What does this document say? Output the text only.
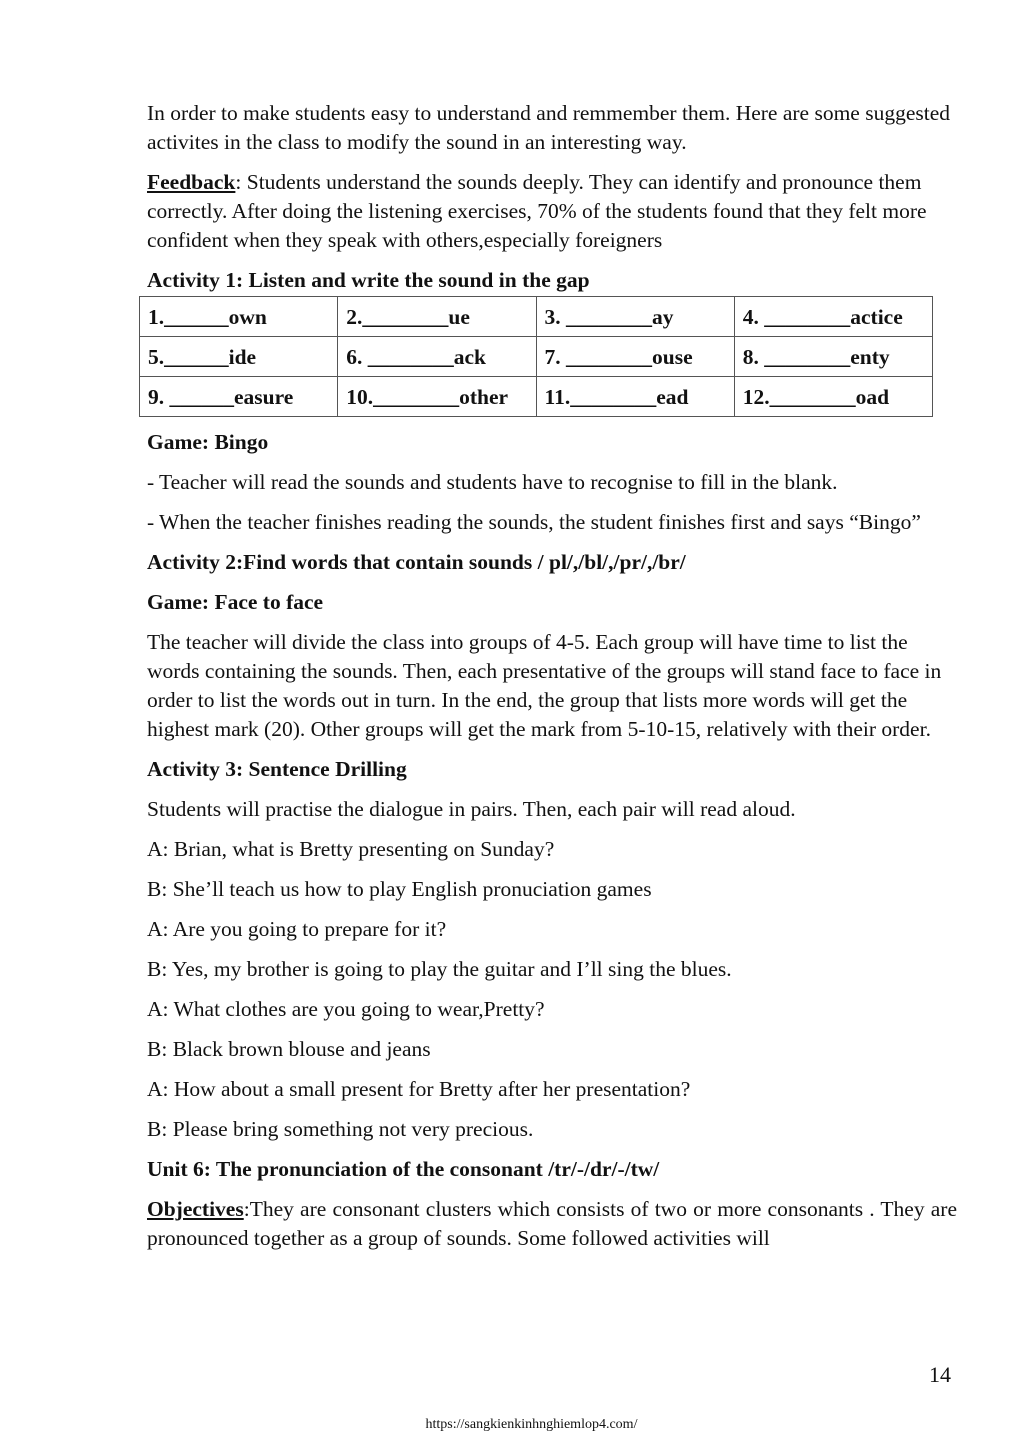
In order to make students easy to understand and remmember them. Here are some suggested activites in the class to modify the sound in an interesting way.

Feedback: Students understand the sounds deeply. They can identify and pronounce them correctly. After doing the listening exercises, 70% of the students found that they felt more confident when they speak with others,especially foreigners

Activity 1: Listen and write the sound in the gap

1.______own	2.________ue	3. ________ay	4. ________actice
5.______ide	6. ________ack	7. ________ouse	8. ________enty
9. ______easure	10.________other	11.________ead	12.________oad

Game: Bingo

- Teacher will read the sounds and students have to recognise to fill in the blank.

- When the teacher finishes reading the sounds, the student finishes first and says “Bingo”

Activity 2:Find words that contain sounds / pl/,/bl/,/pr/,/br/

Game: Face to face

The teacher will divide the class into groups of 4-5. Each group will have time to list the words containing the sounds. Then, each presentative of the groups will stand face to face in order to list the words out in turn. In the end, the group that lists more words will get the highest mark (20). Other groups will get the mark from 5-10-15, relatively with their order.

Activity 3: Sentence Drilling

Students will practise the dialogue in pairs. Then, each pair will read aloud.

A: Brian, what is Bretty presenting on Sunday?

B: She’ll teach us how to play English pronuciation games

A: Are you going to prepare for it?

B: Yes, my brother is going to play the guitar and I’ll sing the blues.

A: What clothes are you going to wear,Pretty?

B: Black brown blouse and jeans

A: How about a small present for Bretty after her presentation?

B: Please bring something not very precious.

Unit 6: The pronunciation of the consonant /tr/-/dr/-/tw/

Objectives:They are consonant clusters which consists of two or more consonants . They are pronounced together as a group of sounds. Some followed activities will

14
https://sangkienkinhnghiemlop4.com/
